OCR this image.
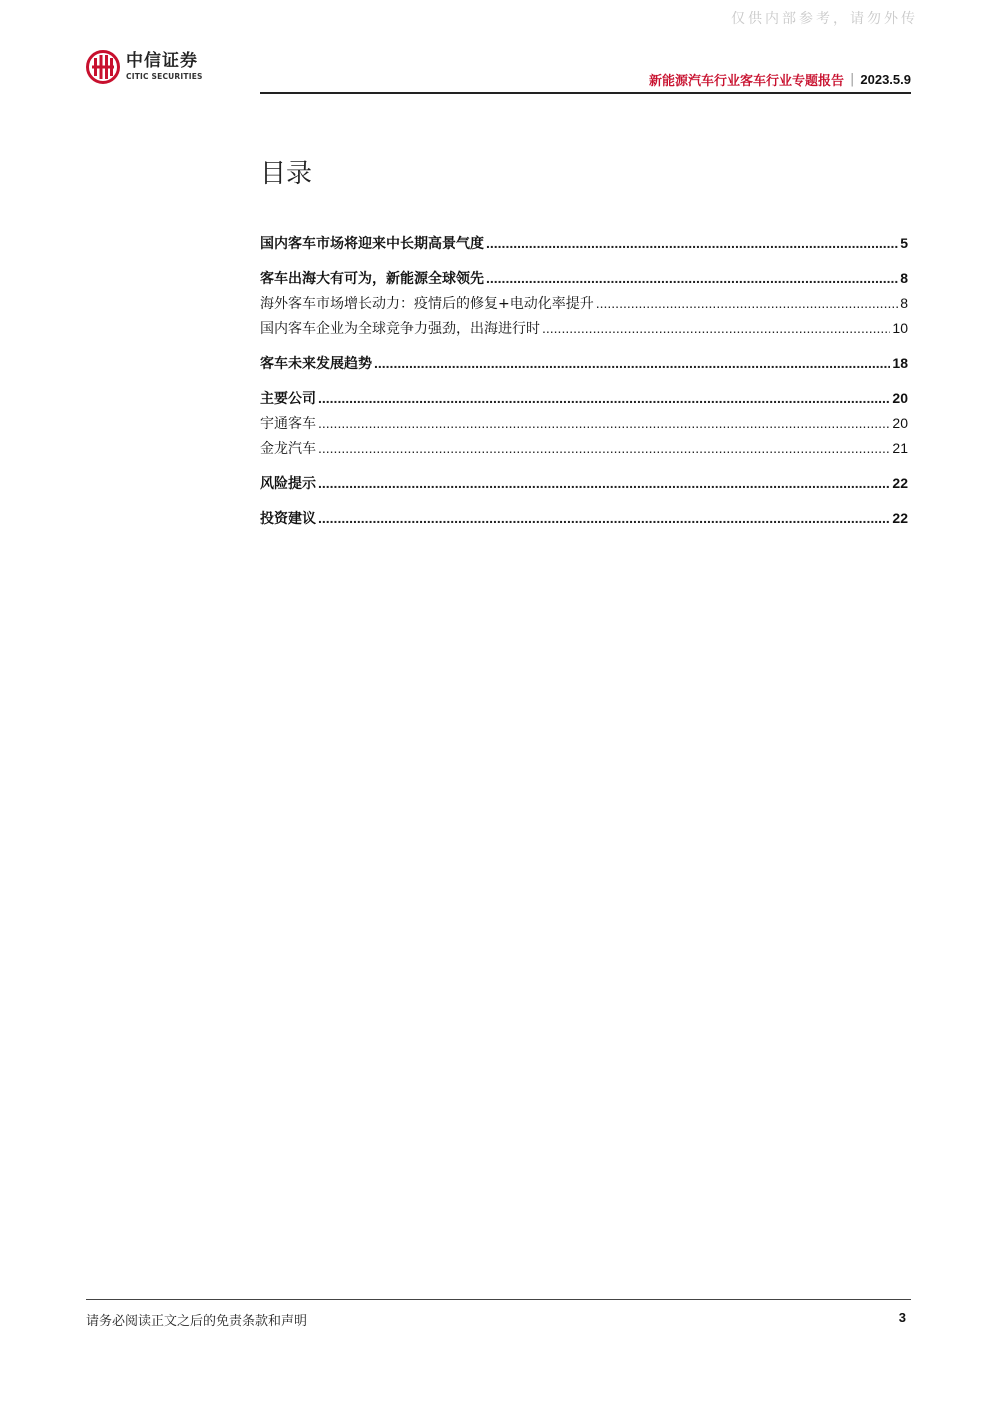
仅供内部参考，请勿外传
中信证券
CITIC SECURITIES	新能源汽车行业客车行业专题报告 | 2023.5.9
目录
国内客车市场将迎来中长期高景气度 .....	5
客车出海大有可为，新能源全球领先 .....	8
海外客车市场增长动力：疫情后的修复+电动化率提升 .....	8
国内客车企业为全球竞争力强劲，出海进行时 .....	10
客车未来发展趋势 .....	18
主要公司 .....	20
宇通客车 .....	20
金龙汽车 .....	21
风险提示 .....	22
投资建议 .....	22
请务必阅读正文之后的免责条款和声明	3
